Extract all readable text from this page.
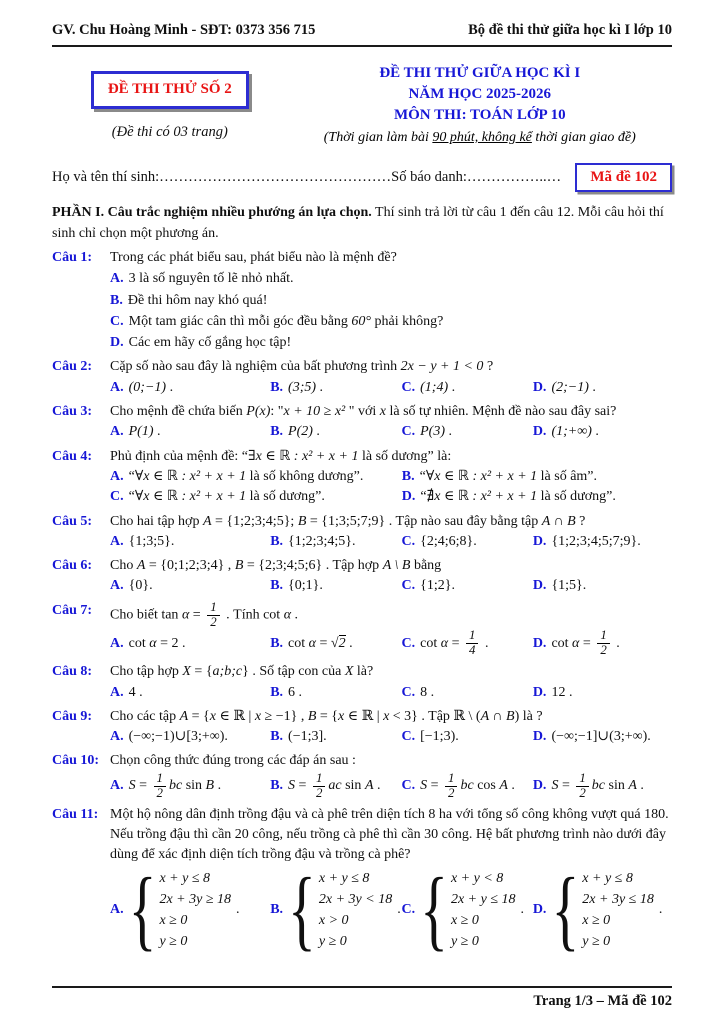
GV. Chu Hoàng Minh - SĐT: 0373 356 715	Bộ đề thi thử giữa học kì I lớp 10
ĐỀ THI THỬ SỐ 2
(Đề thi có 03 trang)
ĐỀ THI THỬ GIỮA HỌC KÌ I
NĂM HỌC 2025-2026
MÔN THI: TOÁN LỚP 10
(Thời gian làm bài 90 phút, không kể thời gian giao đề)
Họ và tên thí sinh: ………………………………………… Số báo danh: ……………..…	Mã đề 102
PHẦN I. Câu trắc nghiệm nhiều phướng án lựa chọn. Thí sinh trả lời từ câu 1 đến câu 12. Mỗi câu hỏi thí sinh chỉ chọn một phương án.
Câu 1:	Trong các phát biểu sau, phát biểu nào là mệnh đề?
A. 3 là số nguyên tố lẽ nhỏ nhất.
B. Đề thi hôm nay khó quá!
C. Một tam giác cân thì mỗi góc đều bằng 60° phải không?
D. Các em hãy cố gắng học tập!
Câu 2:	Cặp số nào sau đây là nghiệm của bất phương trình 2x − y + 1 < 0 ?
A. (0;−1) .	B. (3;5) .	C. (1;4) .	D. (2;−1) .
Câu 3:	Cho mệnh đề chứa biến P(x): "x + 10 ≥ x² " với x là số tự nhiên. Mệnh đề nào sau đây sai?
A. P(1) .	B. P(2) .	C. P(3) .	D. (1;+∞) .
Câu 4:	Phủ định của mệnh đề: “∃x ∈ ℝ : x² + x + 1 là số dương” là:
A. “∀x ∈ ℝ : x² + x + 1 là số không dương”.	B. “∀x ∈ ℝ : x² + x + 1 là số âm”.
C. “∀x ∈ ℝ : x² + x + 1 là số dương”.	D. “∄x ∈ ℝ : x² + x + 1 là số dương”.
Câu 5:	Cho hai tập hợp A = {1;2;3;4;5}; B = {1;3;5;7;9} . Tập nào sau đây bằng tập A ∩ B ?
A. {1;3;5}.	B. {1;2;3;4;5}.	C. {2;4;6;8}.	D. {1;2;3;4;5;7;9}.
Câu 6:	Cho A = {0;1;2;3;4} , B = {2;3;4;5;6} . Tập hợp A \ B bằng
A. {0}.	B. {0;1}.	C. {1;2}.	D. {1;5}.
Câu 7:	Cho biết $\tan \alpha = \frac{1}{2}$ . Tính cot α .
A. cot α = 2 .	B. cot α = √2 .	C. $\cot \alpha = \frac{1}{4}$ .	D. $\cot \alpha = \frac{1}{2}$ .
Câu 8:	Cho tập hợp X = {a;b;c} . Số tập con của X là?
A. 4 .	B. 6 .	C. 8 .	D. 12 .
Câu 9:	Cho các tập A = {x ∈ ℝ | x ≥ −1} , B = {x ∈ ℝ | x < 3} . Tập ℝ \ (A ∩ B) là ?
A. (−∞;−1)∪[3;+∞).	B. (−1;3].	C. [−1;3).	D. (−∞;−1]∪(3;+∞).
Câu 10: Chọn công thức đúng trong các đáp án sau :
A. $S = \frac{1}{2}$ bc sin B .	B. $S = \frac{1}{2}$ ac sin A .	C. $S = \frac{1}{2}$ bc cos A .	D. $S = \frac{1}{2}$ bc sin A .
Câu 11: Một hộ nông dân định trồng đậu và cà phê trên diện tích 8 ha với tổng số công không vượt quá 180. Nếu trồng đậu thì cần 20 công, nếu trồng cà phê thì cần 30 công. Hệ bất phương trình nào dưới đây dùng để xác định diện tích trồng đậu và trồng cà phê?
A. { x + y ≤ 8
2x + 3y ≥ 18
x ≥ 0
y ≥ 0
. B. { x + y ≤ 8
2x + 3y < 18
x > 0
y ≥ 0
. C. { x + y < 8
2x + y ≤ 18
x ≥ 0
y ≥ 0
. D. { x + y ≤ 8
2x + 3y ≤ 18
x ≥ 0
y ≥ 0
.
Trang 1/3 – Mã đề 102
